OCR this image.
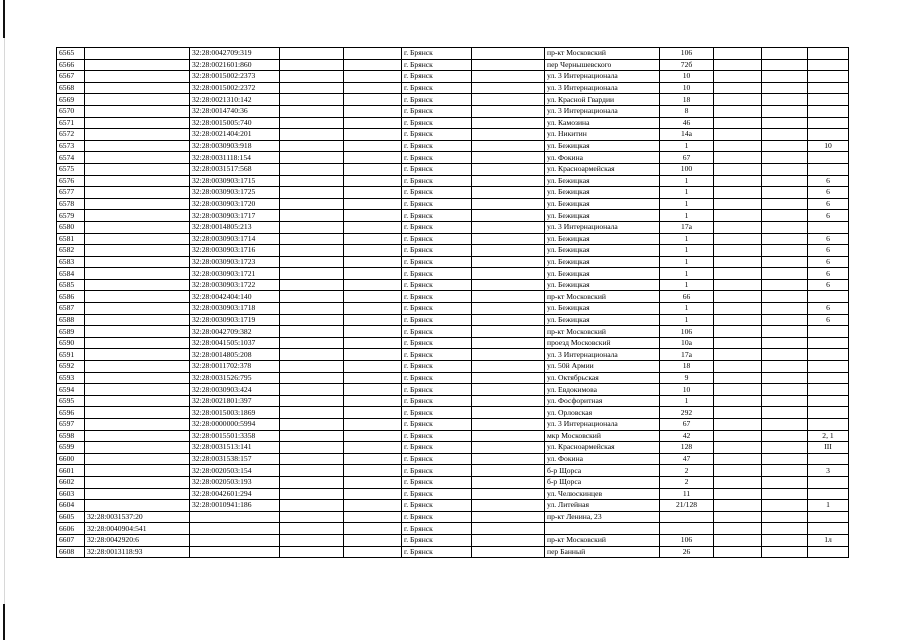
6565		32:28:0042709:319			г. Брянск		пр-кт Московский	106			
6566		32:28:0021601:860			г. Брянск		пер Чернышевского	72б			
6567		32:28:0015002:2373			г. Брянск		ул. 3 Интернационала	10			
6568		32:28:0015002:2372			г. Брянск		ул. 3 Интернационала	10			
6569		32:28:0021310:142			г. Брянск		ул. Красной Гвардии	18			
6570		32:28:0014740:36			г. Брянск		ул. 3 Интернационала	8			
6571		32:28:0015005:740			г. Брянск		ул. Камозина	46			
6572		32:28:0021404:201			г. Брянск		ул. Никитин	14а			
6573		32:28:0030903:918			г. Брянск		ул. Бежицкая	1			10
6574		32:28:0031118:154			г. Брянск		ул. Фокина	67			
6575		32:28:0031517:568			г. Брянск		ул. Красноармейская	100			
6576		32:28:0030903:1715			г. Брянск		ул. Бежицкая	1			6
6577		32:28:0030903:1725			г. Брянск		ул. Бежицкая	1			6
6578		32:28:0030903:1720			г. Брянск		ул. Бежицкая	1			6
6579		32:28:0030903:1717			г. Брянск		ул. Бежицкая	1			6
6580		32:28:0014805:213			г. Брянск		ул. 3 Интернационала	17а			
6581		32:28:0030903:1714			г. Брянск		ул. Бежицкая	1			6
6582		32:28:0030903:1716			г. Брянск		ул. Бежицкая	1			6
6583		32:28:0030903:1723			г. Брянск		ул. Бежицкая	1			6
6584		32:28:0030903:1721			г. Брянск		ул. Бежицкая	1			6
6585		32:28:0030903:1722			г. Брянск		ул. Бежицкая	1			6
6586		32:28:0042404:140			г. Брянск		пр-кт Московский	66			
6587		32:28:0030903:1718			г. Брянск		ул. Бежицкая	1			6
6588		32:28:0030903:1719			г. Брянск		ул. Бежицкая	1			6
6589		32:28:0042709:382			г. Брянск		пр-кт Московский	106			
6590		32:28:0041505:1037			г. Брянск		проезд Московский	10а			
6591		32:28:0014805:208			г. Брянск		ул. 3 Интернационала	17а			
6592		32:28:0011702:378			г. Брянск		ул. 50й Армии	18			
6593		32:28:0031526:795			г. Брянск		ул. Октябрьская	9			
6594		32:28:0030903:424			г. Брянск		ул. Евдокимова	10			
6595		32:28:0021801:397			г. Брянск		ул. Фосфоритная	1			
6596		32:28:0015003:1869			г. Брянск		ул. Орловская	292			
6597		32:28:0000000:5994			г. Брянск		ул. 3 Интернационала	67			
6598		32:28:0015501:3358			г. Брянск		мкр Московский	42			2, 1
6599		32:28:0031513:141			г. Брянск		ул. Красноармейская	128			III
6600		32:28:0031538:157			г. Брянск		ул. Фокина	47			
6601		32:28:0020503:154			г. Брянск		б-р Щорса	2			3
6602		32:28:0020503:193			г. Брянск		б-р Щорса	2			
6603		32:28:0042601:294			г. Брянск		ул. Челюскинцев	11			
6604		32:28:0010941:186			г. Брянск		ул. Литейная	21/128			1
6605	32:28:0031537:20				г. Брянск		пр-кт Ленина, 23				
6606	32:28:0040904:541				г. Брянск						
6607	32:28:0042920:6				г. Брянск		пр-кт Московский	106			1л
6608	32:28:0013118:93				г. Брянск		пер Банный	26			
